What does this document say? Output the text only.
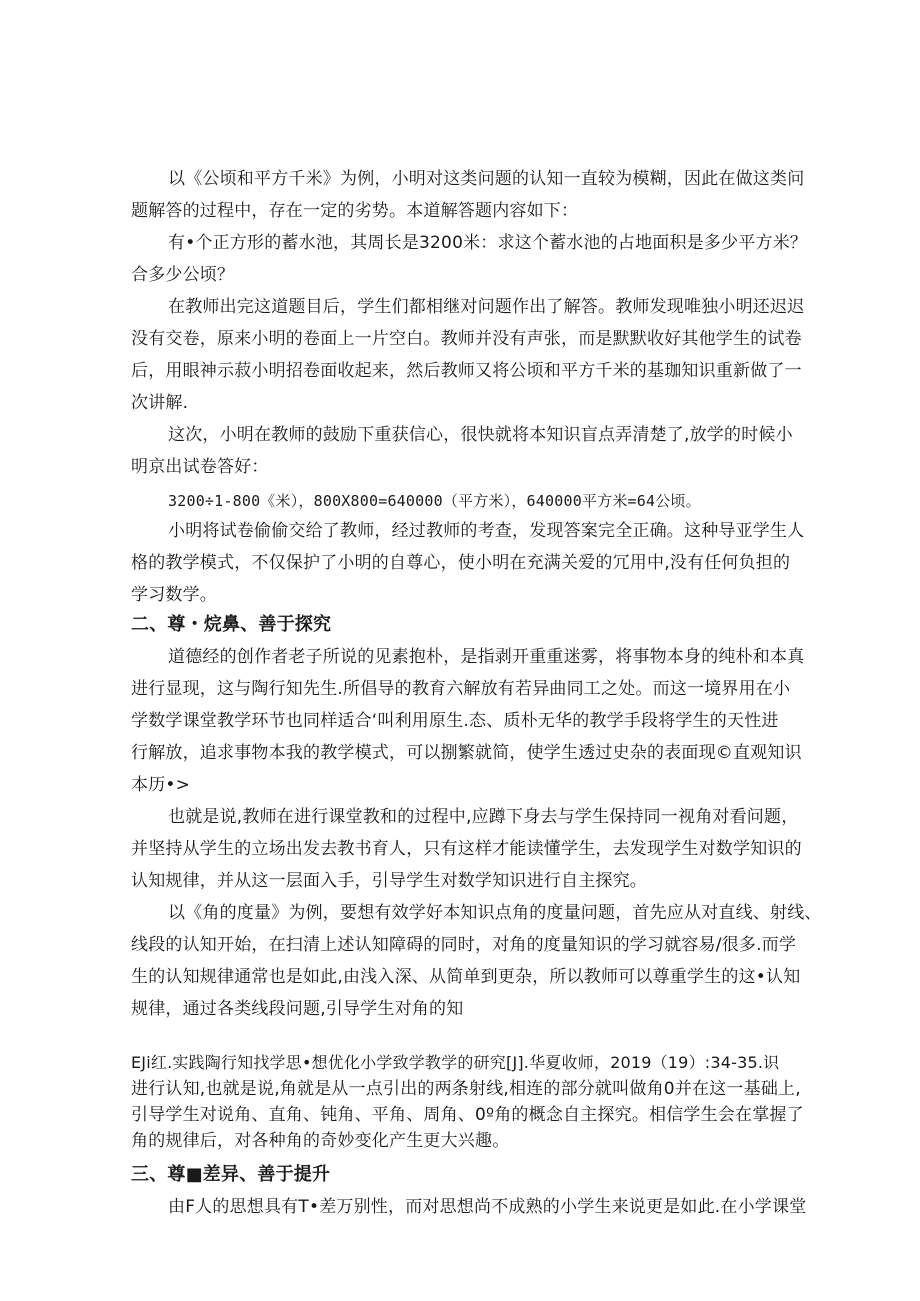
以《公顷和平方千米》为例，小明对这类问题的认知一直较为模糊，因此在做这类问
题解答的过程中，存在一定的劣势。本道解答题内容如下：
有•个正方形的蓄水池，其周长是3200米：求这个蓄水池的占地面积是多少平方米？
合多少公顷？
在教师出完这道题目后，学生们都相继对问题作出了解答。教师发现唯独小明还迟迟
没有交卷，原来小明的卷面上一片空白。教师并没有声张，而是默默收好其他学生的试卷
后，用眼神示菽小明招卷面收起来，然后教师又将公顷和平方千米的基珈知识重新做了一
次讲解.
这次，小明在教师的鼓励下重获信心，很快就将本知识盲点弄清楚了,放学的时候小
明京出试卷答好：
3200÷1-800《米），800X800=640000（平方米），640000平方米=64公顷。
小明将试卷偷偷交给了教师，经过教师的考查，发现答案完全正确。这种导亚学生人
格的教学模式，不仅保护了小明的自尊心，使小明在充满关爱的冗用中,没有任何负担的
学习数学。
二、尊・烷鼻、善于探究
道德经的创作者老子所说的见素抱朴，是指剥开重重迷雾，将事物本身的纯朴和本真
进行显现，这与陶行知先生.所倡导的教育六解放有若异曲同工之处。而这一境界用在小
学数学课堂教学环节也同样适合‘叫利用原生.态、质朴无华的教学手段将学生的天性进
行解放，追求事物本我的教学模式，可以捌繁就简，使学生透过史杂的表面现©直观知识
本历•>
也就是说,教师在进行课堂教和的过程中,应蹲下身去与学生保持同一视角对看问题，
并坚持从学生的立场出发去教书育人，只有这样才能读懂学生，去发现学生对数学知识的
认知规律，并从这一层面入手，引导学生对数学知识进行自主探究。
以《角的度量》为例，要想有效学好本知识点角的度量问题，首先应从对直线、射线、
线段的认知开始，在扫清上述认知障碍的同时，对角的度量知识的学习就容易/很多.而学
生的认知规律通常也是如此,由浅入深、从简单到更杂，所以教师可以尊重学生的这•认知
规律，通过各类线段问题,引导学生对角的知
EJi红.实践陶行知找学思•想优化小学致学教学的研究[J].华夏收师，2019（19）:34-35.识
进行认知,也就是说,角就是从一点引出的两条射线,相连的部分就叫做角0并在这一基础上,
引导学生对说角、直角、钝角、平角、周角、0º角的概念自主探究。相信学生会在掌握了
角的规律后，对各种角的奇妙变化产生更大兴趣。
三、尊■差异、善于提升
由F人的思想具有T•差万别性，而对思想尚不成熟的小学生来说更是如此.在小学课堂
